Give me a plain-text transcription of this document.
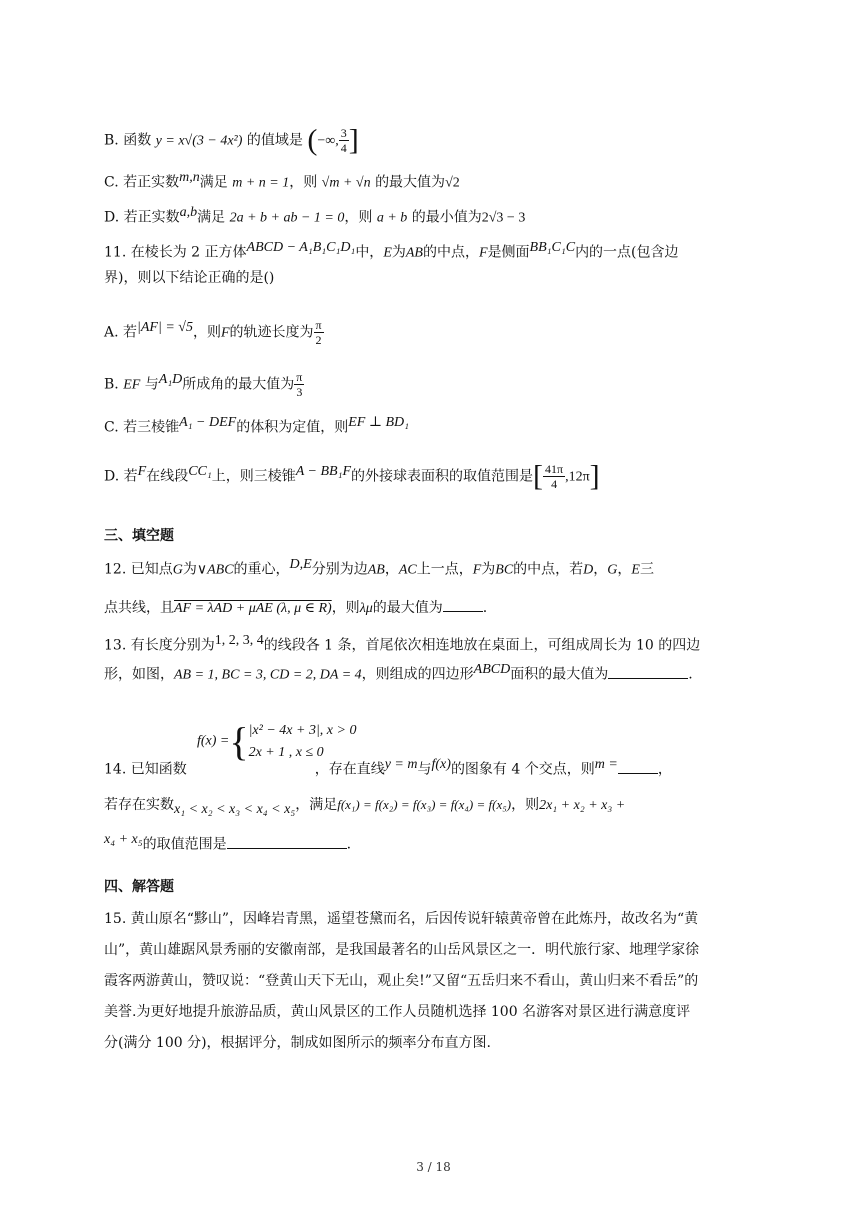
B. 函数 y = x√(3 − 4x²) 的值域是 (−∞, $\frac{3}{4}$ ]
C. 若正实数$^{m,n}$满足 m + n = 1，则 √m + √n 的最大值为√2
D. 若正实数$^{a,b}$满足 2a + b + ab − 1 = 0，则 a + b 的最小值为2√3 − 3
11. 在棱长为 2 正方体$^{ABCD - A_1B_1C_1D_1}$中，E为AB的中点，F是侧面$^{BB_1C_1C}$内的一点(包含边
界)，则以下结论正确的是()
A. 若$^{|AF| = √5}$，则F的轨迹长度为 $\frac{\pi}{2}$
B. EF 与$^{A_1D}$所成角的最大值为 $\frac{\pi}{3}$
C. 若三棱锥$^{A_1 - DEF}$的体积为定值，则$^{EF \perp BD_1}$
D. 若$^F$在线段$^{CC_1}$上，则三棱锥$^{A - BB_1F}$的外接球表面积的取值范围是[ $\frac{41\pi}{4} ,12\pi$]
三、填空题
12. 已知点G为∨ABC的重心，$^{D,E}$分别为边AB，AC上一点，F为BC的中点，若D，G，E三
点共线，且AF = λAD + μAE (λ, μ ∈ R)，则λμ的最大值为	.
13. 有长度分别为$^{1, 2, 3, 4}$的线段各 1 条，首尾依次相连地放在桌面上，可组成周长为 10 的四边
形，如图，AB = 1, BC = 3, CD = 2, DA = 4，则组成的四边形$^{ABCD}$面积的最大值为	.
f(x) ={ |x² − 4x + 3|, x > 0
2x + 1 , x ≤ 0
14. 已知函数	，存在直线$^{y = m}$与$^{f(x)}$的图象有 4 个交点，则$^{m =}$	，
若存在实数$_{x_1 < x_2 < x_3 < x_4 < x_5}$，满足f(x₁) = f(x₂) = f(x₃) = f(x₄) = f(x₅)，则2x₁ + x₂ + x₃ +
$^{x_4 + x_5}$的取值范围是	.
四、解答题
15. 黄山原名“黟山”，因峰岩青黑，遥望苍黛而名，后因传说轩辕黄帝曾在此炼丹，故改名为“黄
山”，黄山雄踞风景秀丽的安徽南部，是我国最著名的山岳风景区之一．明代旅行家、地理学家徐
霞客两游黄山，赞叹说：“登黄山天下无山，观止矣!”又留“五岳归来不看山，黄山归来不看岳”的
美誉.为更好地提升旅游品质，黄山风景区的工作人员随机选择 100 名游客对景区进行满意度评
分(满分 100 分)，根据评分，制成如图所示的频率分布直方图.
3 / 18
